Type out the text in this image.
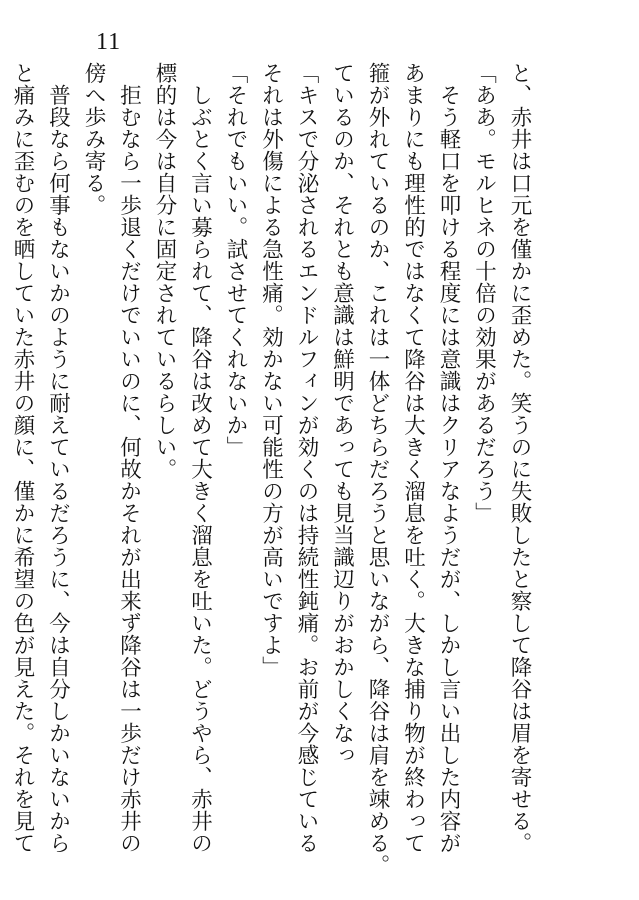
11
と、赤井は口元を僅かに歪めた。笑うのに失敗したと察して降谷は眉を寄せる。
「ああ。モルヒネの十倍の効果があるだろう」
　そう軽口を叩ける程度には意識はクリアなようだが、しかし言い出した内容が
あまりにも理性的ではなくて降谷は大きく溜息を吐く。大きな捕り物が終わって
箍が外れているのか、これは一体どちらだろうと思いながら、降谷は肩を竦める。
ているのか、それとも意識は鮮明であっても見当識辺りがおかしくなっ
「キスで分泌されるエンドルフィンが効くのは持続性鈍痛。お前が今感じている
それは外傷による急性痛。効かない可能性の方が高いですよ」
「それでもいい。試させてくれないか」
　しぶとく言い募られて、降谷は改めて大きく溜息を吐いた。どうやら、赤井の
標的は今は自分に固定されているらしい。
　拒むなら一歩退くだけでいいのに、何故かそれが出来ず降谷は一歩だけ赤井の
傍へ歩み寄る。
　普段なら何事もないかのように耐えているだろうに、今は自分しかいないから
と痛みに歪むのを晒していた赤井の顔に、僅かに希望の色が見えた。それを見て
